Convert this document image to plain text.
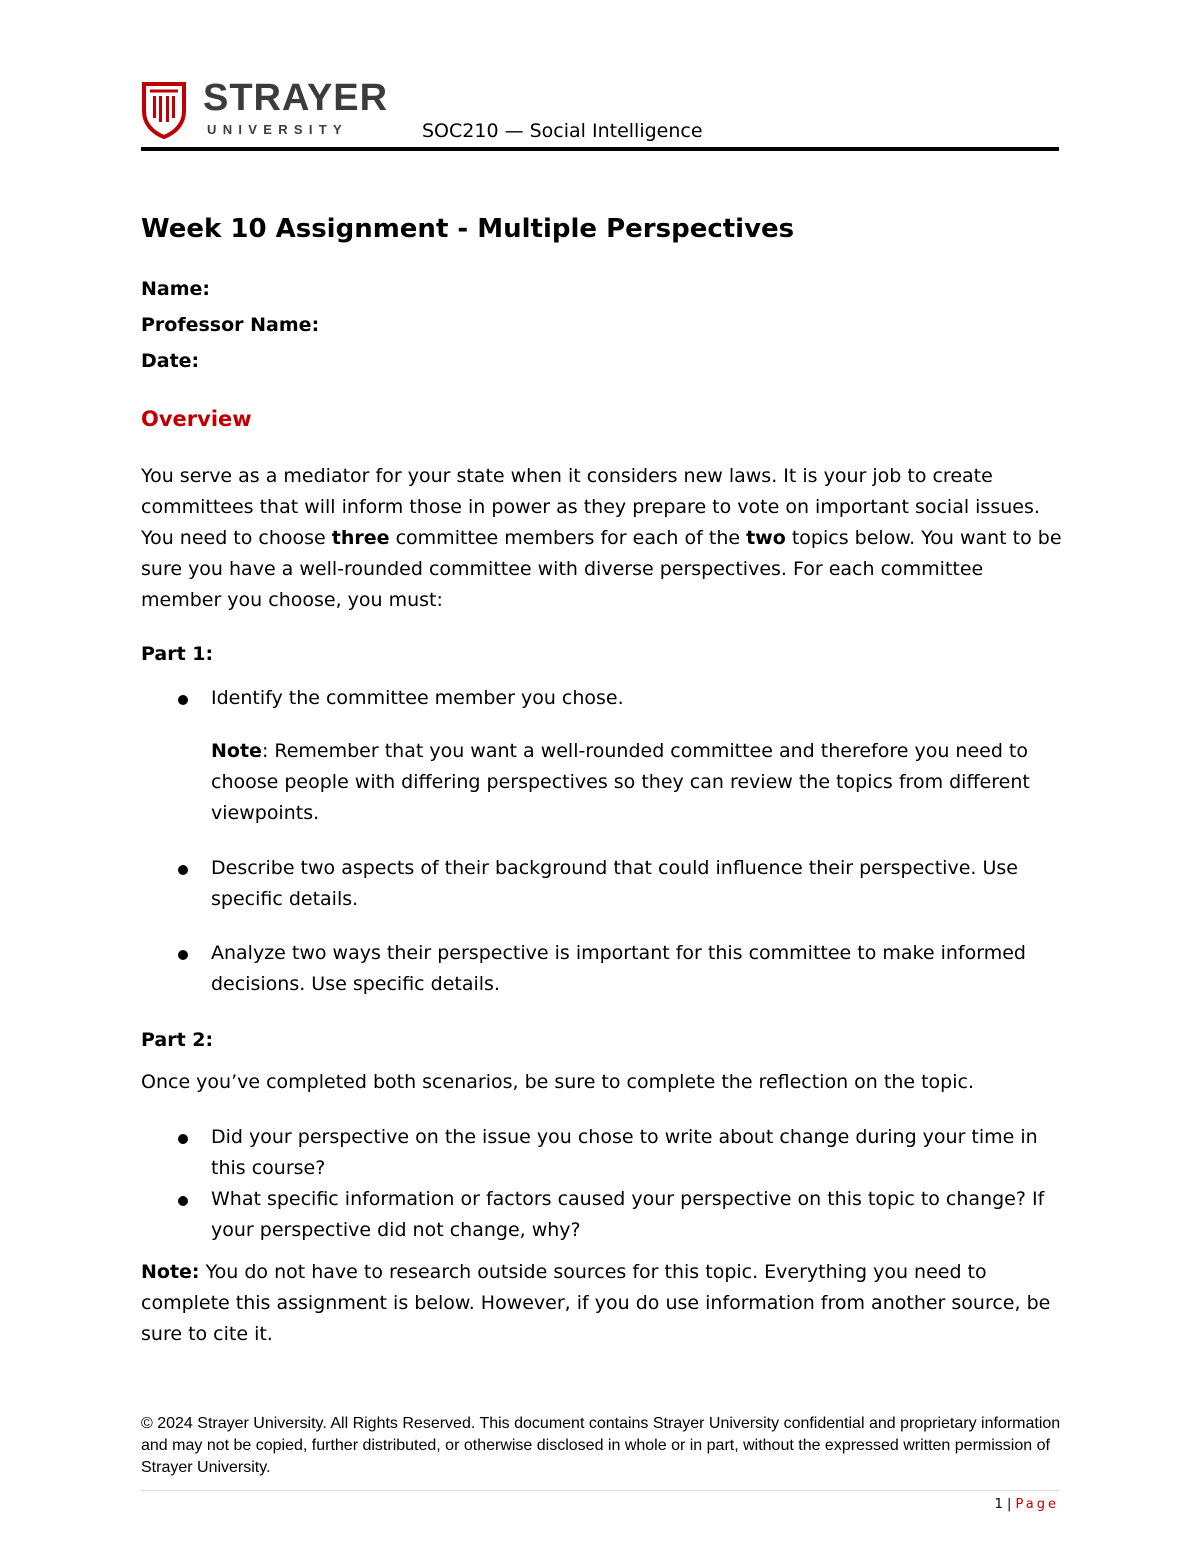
STRAYER
UNIVERSITY	SOC210 — Social Intelligence
Week 10 Assignment - Multiple Perspectives
Name:
Professor Name:
Date:
Overview
You serve as a mediator for your state when it considers new laws. It is your job to create committees that will inform those in power as they prepare to vote on important social issues. You need to choose three committee members for each of the two topics below. You want to be sure you have a well-rounded committee with diverse perspectives. For each committee member you choose, you must:
Part 1:
Identify the committee member you chose.
Note: Remember that you want a well-rounded committee and therefore you need to choose people with differing perspectives so they can review the topics from different viewpoints.
Describe two aspects of their background that could influence their perspective. Use specific details.
Analyze two ways their perspective is important for this committee to make informed decisions. Use specific details.
Part 2:
Once you’ve completed both scenarios, be sure to complete the reflection on the topic.
Did your perspective on the issue you chose to write about change during your time in this course?
What specific information or factors caused your perspective on this topic to change? If your perspective did not change, why?
Note: You do not have to research outside sources for this topic. Everything you need to complete this assignment is below. However, if you do use information from another source, be sure to cite it.
© 2024 Strayer University. All Rights Reserved. This document contains Strayer University confidential and proprietary information and may not be copied, further distributed, or otherwise disclosed in whole or in part, without the expressed written permission of Strayer University.
1 | Page
